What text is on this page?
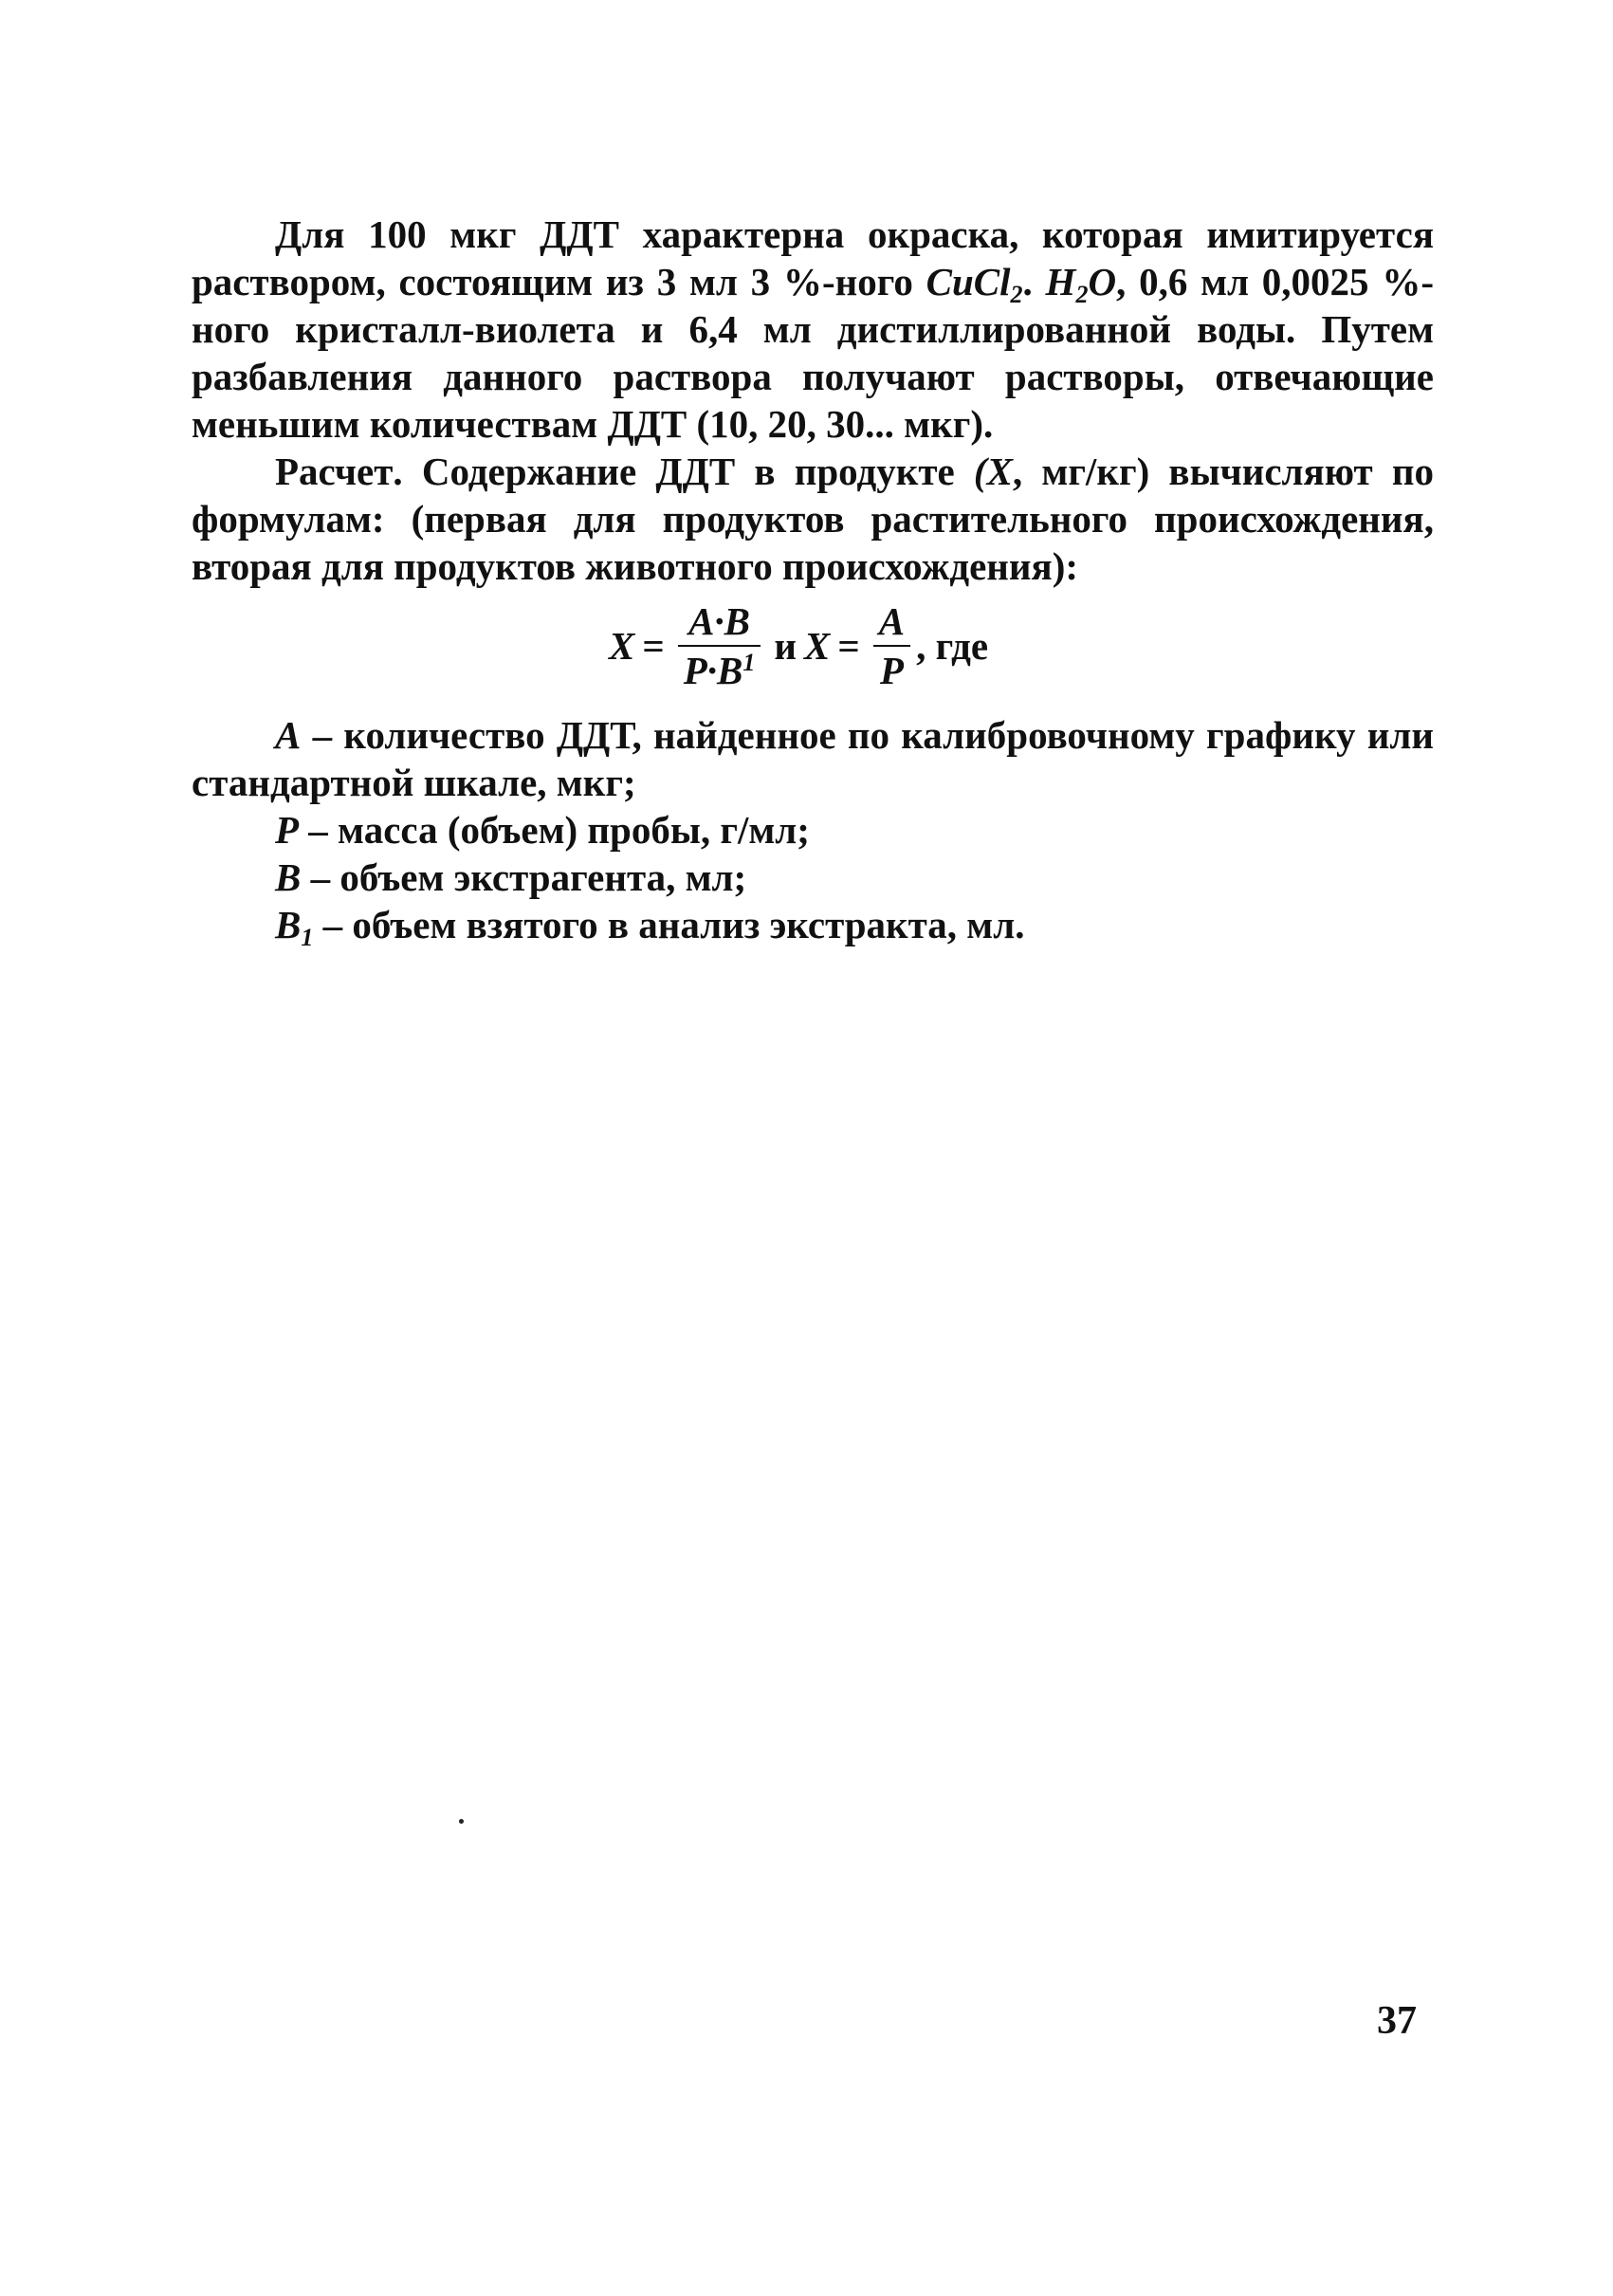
Для 100 мкг ДДТ характерна окраска, которая имитируется раствором, состоящим из 3 мл 3 %-ного CuCl$_2$. $H_2O$, 0,6 мл 0,0025 %-ного кристалл-виолета и 6,4 мл дистиллированной воды. Путем разбавления данного раствора получают растворы, отвечающие меньшим количествам ДДТ (10, 20, 30... мкг).

Расчет. Содержание ДДТ в продукте (X, мг/кг) вычисляют по формулам: (первая для продуктов растительного происхождения, вторая для продуктов животного происхождения):

$X = \frac{A\cdot B}{P\cdot B^1}$ и $X = \frac{A}{P}$ , где

A – количество ДДТ, найденное по калибровочному графику или стандартной шкале, мкг;

P – масса (объем) пробы, г/мл;

B – объем экстрагента, мл;

$B_1$ – объем взятого в анализ экстракта, мл.

37
